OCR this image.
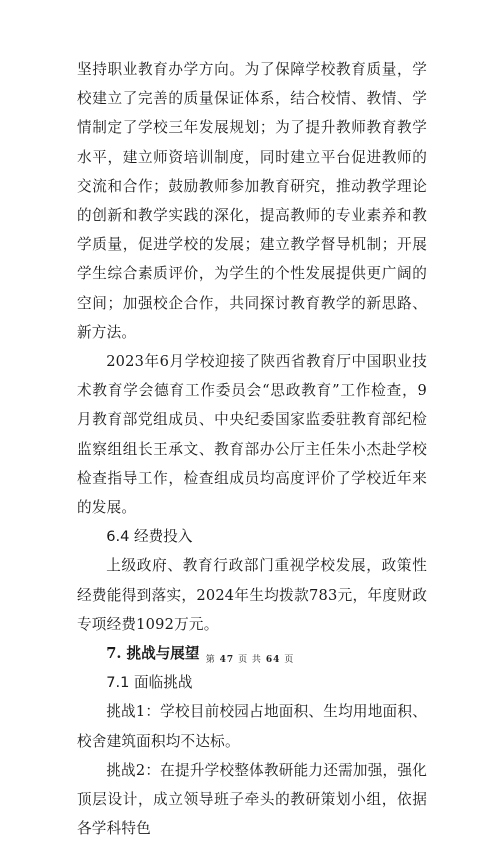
坚持职业教育办学方向。为了保障学校教育质量，学校建立了完善的质量保证体系，结合校情、教情、学情制定了学校三年发展规划；为了提升教师教育教学水平，建立师资培训制度，同时建立平台促进教师的交流和合作；鼓励教师参加教育研究，推动教学理论的创新和教学实践的深化，提高教师的专业素养和教学质量，促进学校的发展；建立教学督导机制；开展学生综合素质评价，为学生的个性发展提供更广阔的空间；加强校企合作，共同探讨教育教学的新思路、新方法。

2023年6月学校迎接了陕西省教育厅中国职业技术教育学会德育工作委员会“思政教育”工作检查，9月教育部党组成员、中央纪委国家监委驻教育部纪检监察组组长王承文、教育部办公厅主任朱小杰赴学校检查指导工作，检查组成员均高度评价了学校近年来的发展。

6.4 经费投入

上级政府、教育行政部门重视学校发展，政策性经费能得到落实，2024年生均拨款783元，年度财政专项经费1092万元。

7. 挑战与展望

7.1 面临挑战

挑战1：学校目前校园占地面积、生均用地面积、校舍建筑面积均不达标。

挑战2：在提升学校整体教研能力还需加强，强化顶层设计，成立领导班子牵头的教研策划小组，依据各学科特色

第 47 页 共 64 页
